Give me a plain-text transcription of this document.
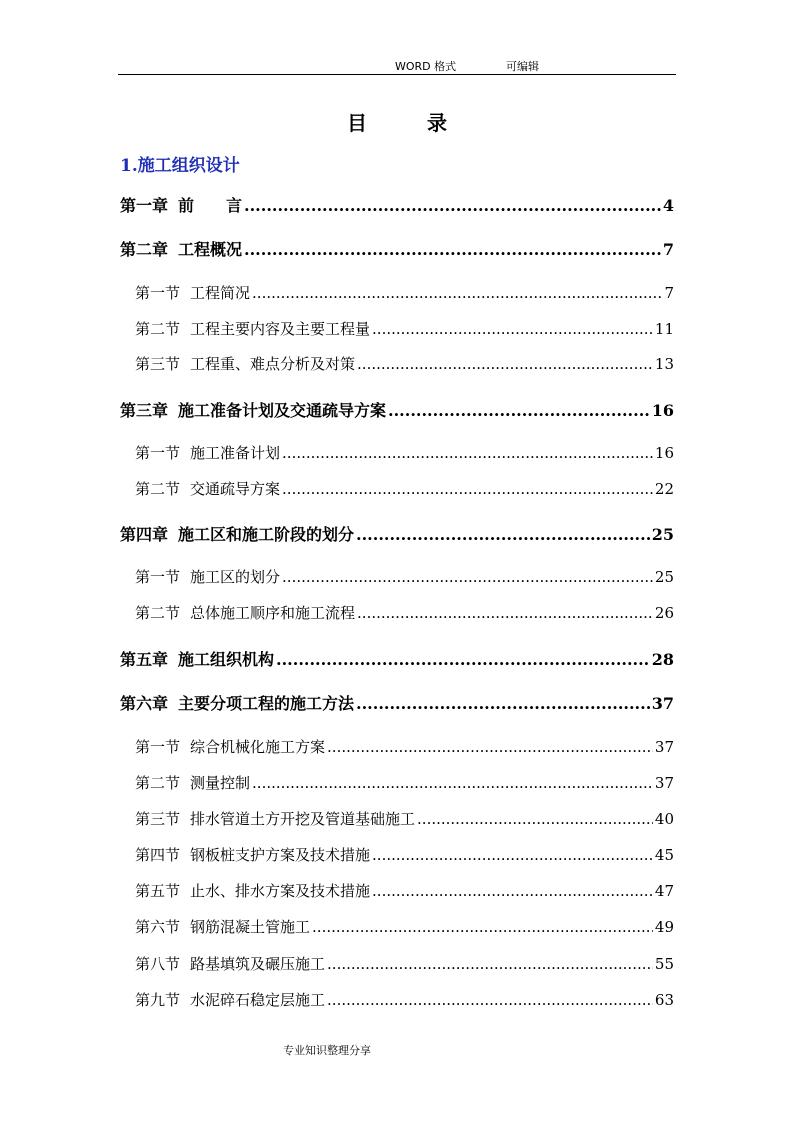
WORD 格式	可编辑
目	录
1.施工组织设计
第一章 前　　言 .....	4
第二章 工程概况 .....	7
第一节 工程简况 .....	7
第二节 工程主要内容及主要工程量 .....	11
第三节 工程重、难点分析及对策 .....	13
第三章 施工准备计划及交通疏导方案 .....	16
第一节 施工准备计划 .....	16
第二节 交通疏导方案 .....	22
第四章 施工区和施工阶段的划分 .....	25
第一节 施工区的划分 .....	25
第二节 总体施工顺序和施工流程 .....	26
第五章 施工组织机构 .....	28
第六章 主要分项工程的施工方法 .....	37
第一节 综合机械化施工方案 .....	37
第二节 测量控制 .....	37
第三节 排水管道土方开挖及管道基础施工 .....	40
第四节 钢板桩支护方案及技术措施 .....	45
第五节 止水、排水方案及技术措施 .....	47
第六节 钢筋混凝土管施工 .....	49
第八节 路基填筑及碾压施工 .....	55
第九节 水泥碎石稳定层施工 .....	63
专业知识整理分享
